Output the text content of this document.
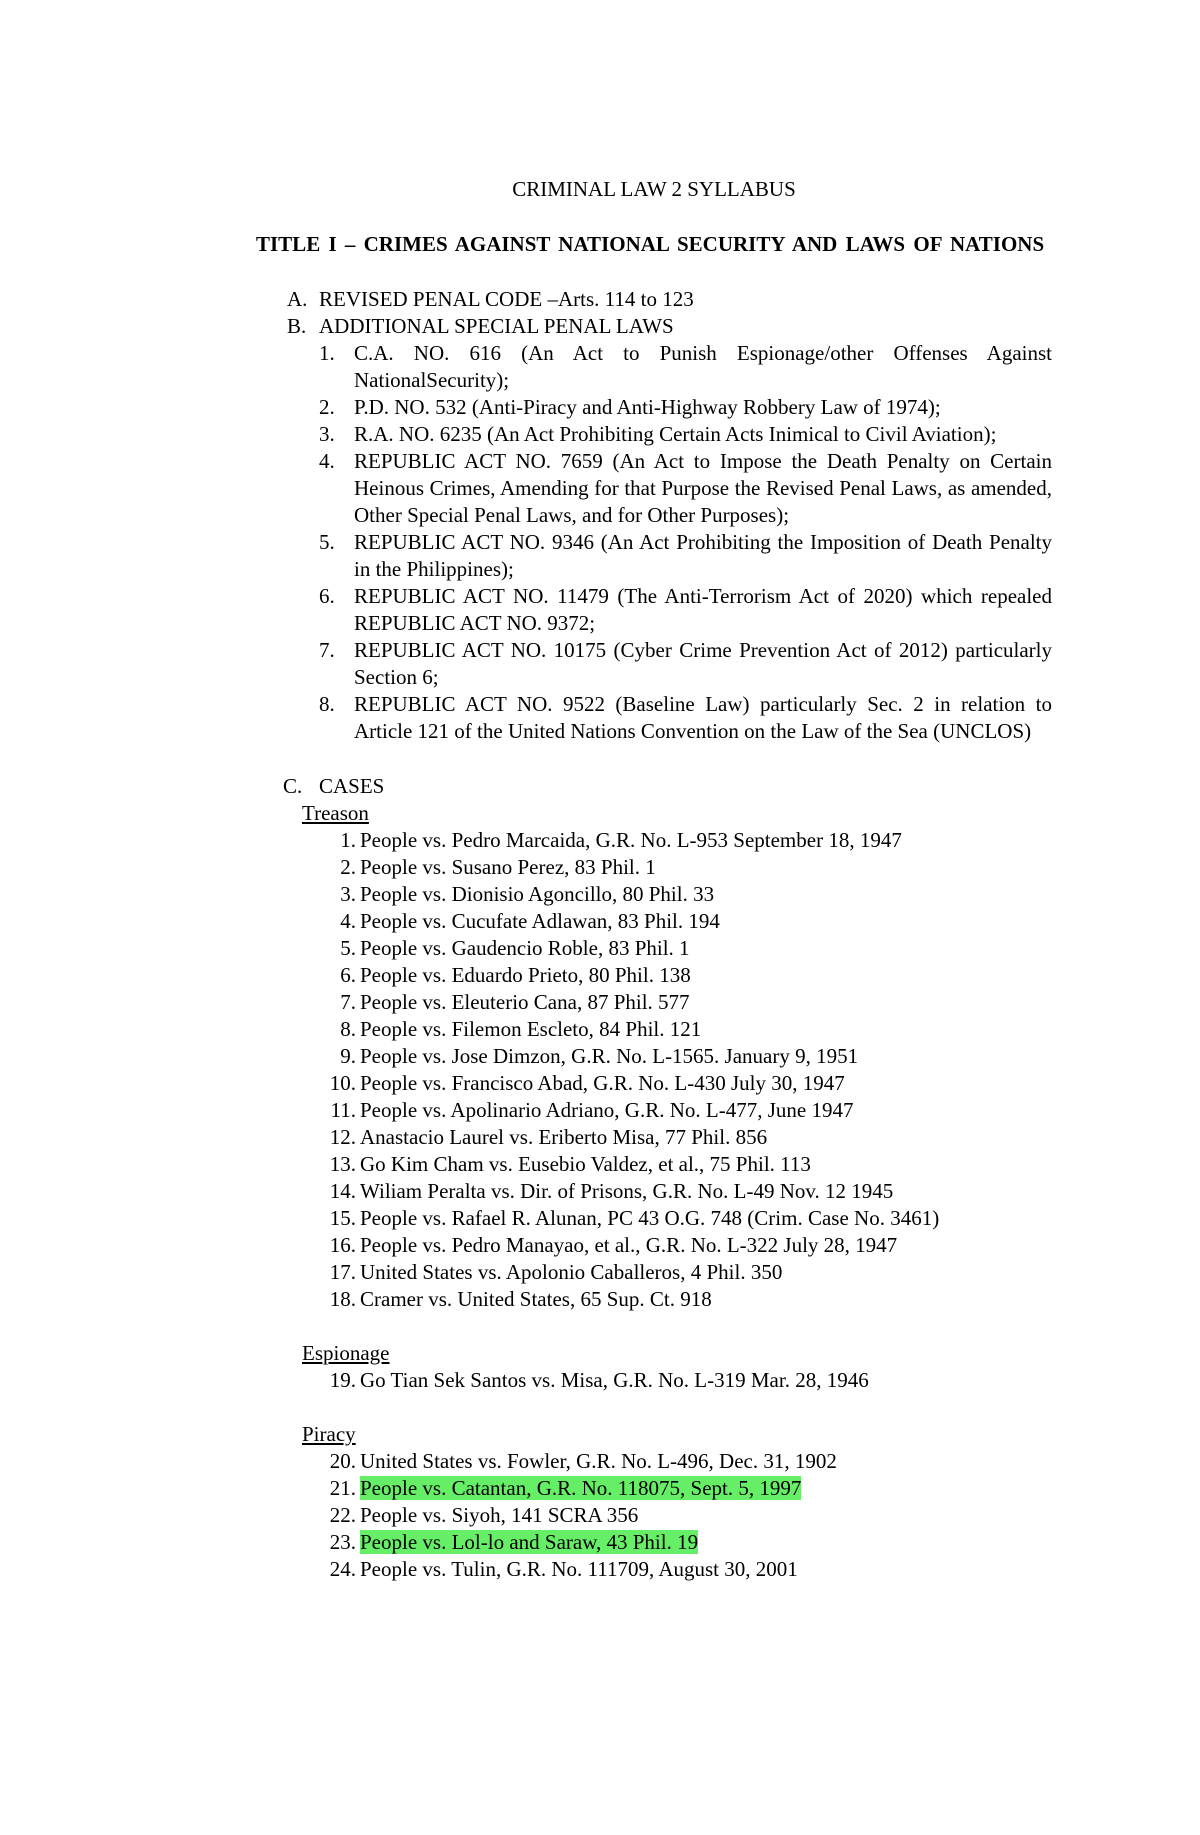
CRIMINAL LAW 2 SYLLABUS

TITLE I – CRIMES AGAINST NATIONAL SECURITY AND LAWS OF NATIONS

A. REVISED PENAL CODE –Arts. 114 to 123
B. ADDITIONAL SPECIAL PENAL LAWS
1. C.A. NO. 616 (An Act to Punish Espionage/other Offenses Against NationalSecurity);
2. P.D. NO. 532 (Anti-Piracy and Anti-Highway Robbery Law of 1974);
3. R.A. NO. 6235 (An Act Prohibiting Certain Acts Inimical to Civil Aviation);
4. REPUBLIC ACT NO. 7659 (An Act to Impose the Death Penalty on Certain Heinous Crimes, Amending for that Purpose the Revised Penal Laws, as amended, Other Special Penal Laws, and for Other Purposes);
5. REPUBLIC ACT NO. 9346 (An Act Prohibiting the Imposition of Death Penalty in the Philippines);
6. REPUBLIC ACT NO. 11479 (The Anti-Terrorism Act of 2020) which repealed REPUBLIC ACT NO. 9372;
7. REPUBLIC ACT NO. 10175 (Cyber Crime Prevention Act of 2012) particularly Section 6;
8. REPUBLIC ACT NO. 9522 (Baseline Law) particularly Sec. 2 in relation to Article 121 of the United Nations Convention on the Law of the Sea (UNCLOS)
C. CASES
Treason
1. People vs. Pedro Marcaida, G.R. No. L-953 September 18, 1947
2. People vs. Susano Perez, 83 Phil. 1
3. People vs. Dionisio Agoncillo, 80 Phil. 33
4. People vs. Cucufate Adlawan, 83 Phil. 194
5. People vs. Gaudencio Roble, 83 Phil. 1
6. People vs. Eduardo Prieto, 80 Phil. 138
7. People vs. Eleuterio Cana, 87 Phil. 577
8. People vs. Filemon Escleto, 84 Phil. 121
9. People vs. Jose Dimzon, G.R. No. L-1565. January 9, 1951
10. People vs. Francisco Abad, G.R. No. L-430 July 30, 1947
11. People vs. Apolinario Adriano, G.R. No. L-477, June 1947
12. Anastacio Laurel vs. Eriberto Misa, 77 Phil. 856
13. Go Kim Cham vs. Eusebio Valdez, et al., 75 Phil. 113
14. Wiliam Peralta vs. Dir. of Prisons, G.R. No. L-49 Nov. 12 1945
15. People vs. Rafael R. Alunan, PC 43 O.G. 748 (Crim. Case No. 3461)
16. People vs. Pedro Manayao, et al., G.R. No. L-322 July 28, 1947
17. United States vs. Apolonio Caballeros, 4 Phil. 350
18. Cramer vs. United States, 65 Sup. Ct. 918
Espionage
19. Go Tian Sek Santos vs. Misa, G.R. No. L-319 Mar. 28, 1946
Piracy
20. United States vs. Fowler, G.R. No. L-496, Dec. 31, 1902
21. People vs. Catantan, G.R. No. 118075, Sept. 5, 1997
22. People vs. Siyoh, 141 SCRA 356
23. People vs. Lol-lo and Saraw, 43 Phil. 19
24. People vs. Tulin, G.R. No. 111709, August 30, 2001
